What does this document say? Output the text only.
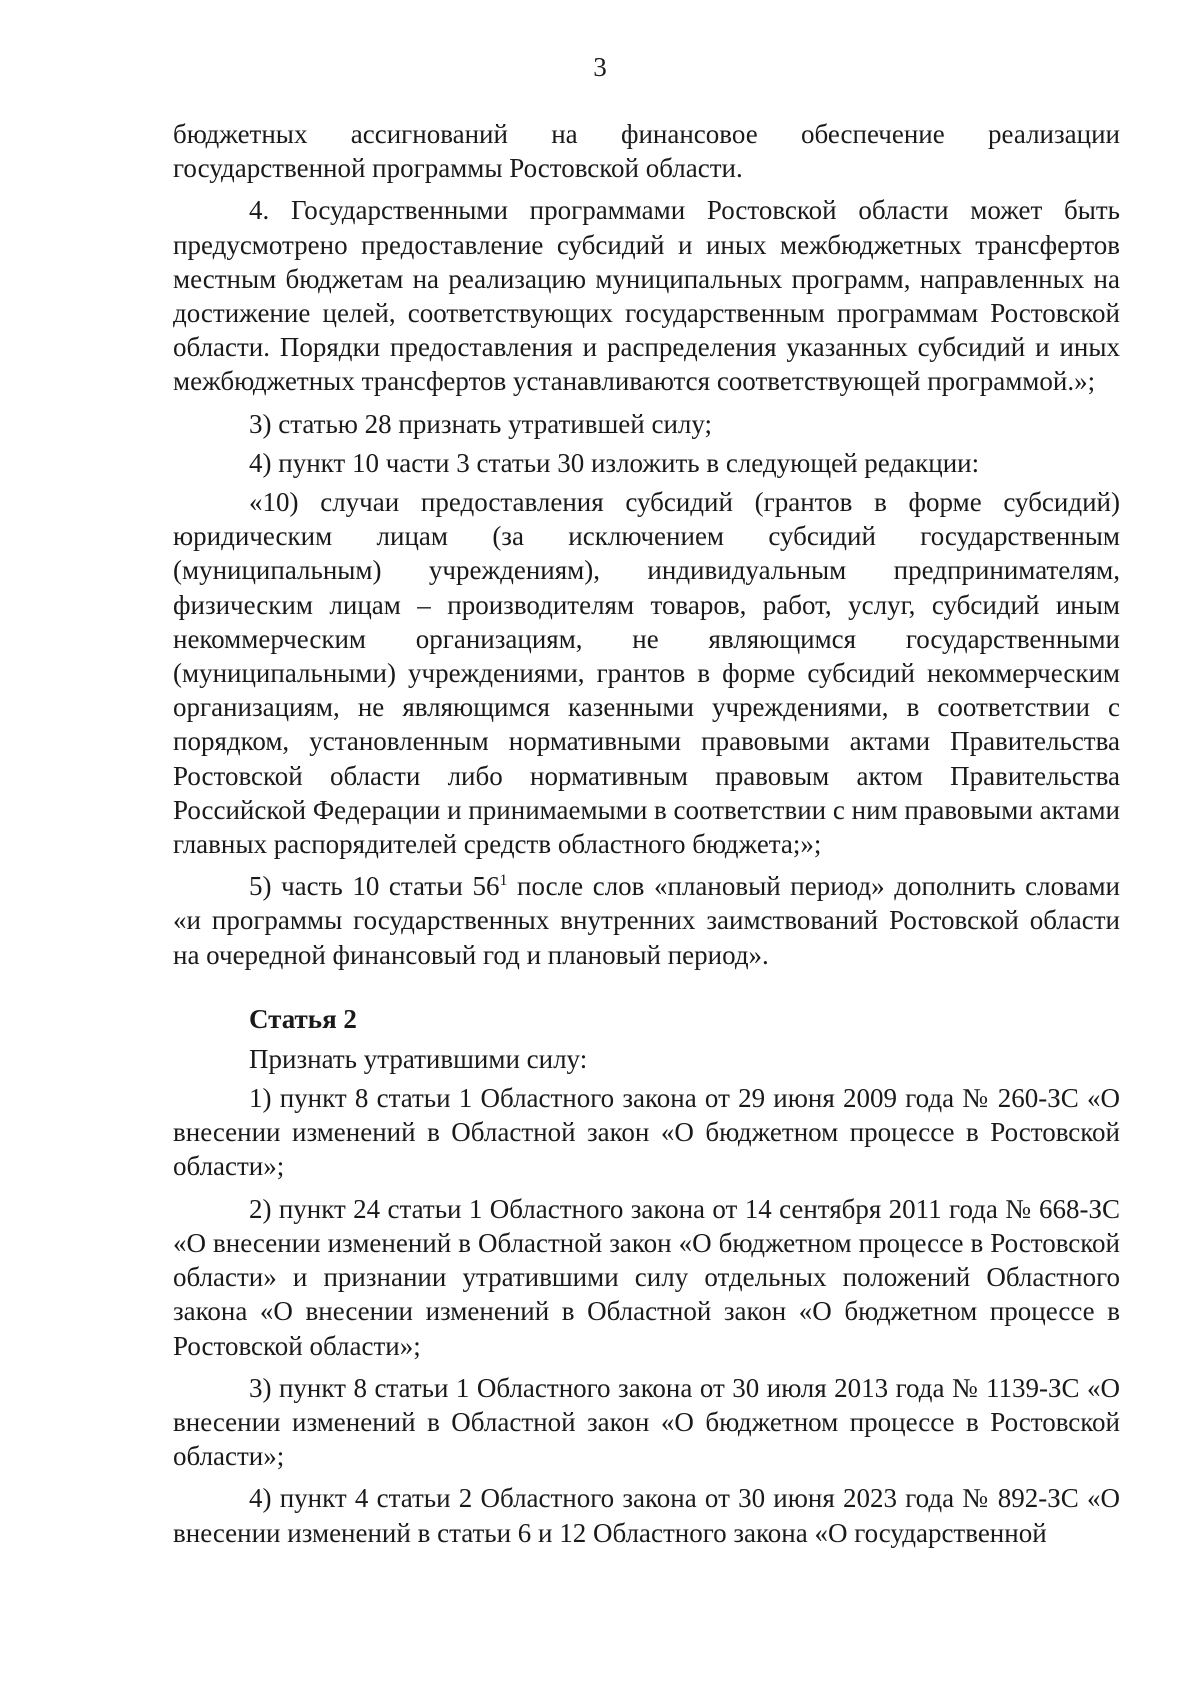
3

бюджетных ассигнований на финансовое обеспечение реализации государственной программы Ростовской области.

4. Государственными программами Ростовской области может быть предусмотрено предоставление субсидий и иных межбюджетных трансфертов местным бюджетам на реализацию муниципальных программ, направленных на достижение целей, соответствующих государственным программам Ростовской области. Порядки предоставления и распределения указанных субсидий и иных межбюджетных трансфертов устанавливаются соответствующей программой.»;

3) статью 28 признать утратившей силу;

4) пункт 10 части 3 статьи 30 изложить в следующей редакции:

«10) случаи предоставления субсидий (грантов в форме субсидий) юридическим лицам (за исключением субсидий государственным (муниципальным) учреждениям), индивидуальным предпринимателям, физическим лицам – производителям товаров, работ, услуг, субсидий иным некоммерческим организациям, не являющимся государственными (муниципальными) учреждениями, грантов в форме субсидий некоммерческим организациям, не являющимся казенными учреждениями, в соответствии с порядком, установленным нормативными правовыми актами Правительства Ростовской области либо нормативным правовым актом Правительства Российской Федерации и принимаемыми в соответствии с ним правовыми актами главных распорядителей средств областного бюджета;»;

5) часть 10 статьи $56^1$ после слов «плановый период» дополнить словами «и программы государственных внутренних заимствований Ростовской области на очередной финансовый год и плановый период».

Статья 2

Признать утратившими силу:

1) пункт 8 статьи 1 Областного закона от 29 июня 2009 года № 260-ЗС «О внесении изменений в Областной закон «О бюджетном процессе в Ростовской области»;

2) пункт 24 статьи 1 Областного закона от 14 сентября 2011 года № 668-ЗС «О внесении изменений в Областной закон «О бюджетном процессе в Ростовской области» и признании утратившими силу отдельных положений Областного закона «О внесении изменений в Областной закон «О бюджетном процессе в Ростовской области»;

3) пункт 8 статьи 1 Областного закона от 30 июля 2013 года № 1139-ЗС «О внесении изменений в Областной закон «О бюджетном процессе в Ростовской области»;

4) пункт 4 статьи 2 Областного закона от 30 июня 2023 года № 892-ЗС «О внесении изменений в статьи 6 и 12 Областного закона «О государственной
